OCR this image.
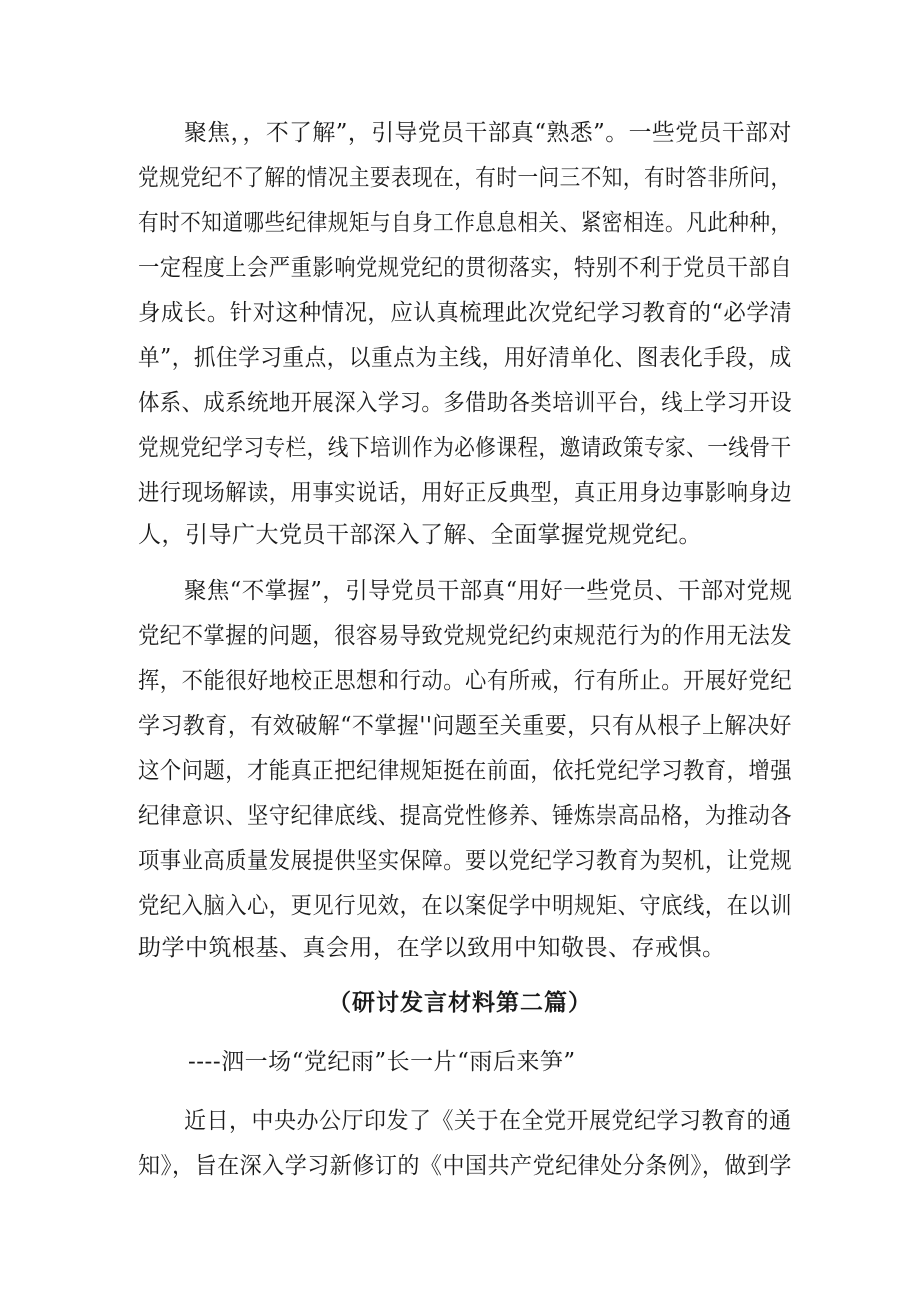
聚焦，，不了解”，引导党员干部真“熟悉”。一些党员干部对
党规党纪不了解的情况主要表现在，有时一问三不知，有时答非所问，
有时不知道哪些纪律规矩与自身工作息息相关、紧密相连。凡此种种，
一定程度上会严重影响党规党纪的贯彻落实，特别不利于党员干部自
身成长。针对这种情况，应认真梳理此次党纪学习教育的“必学清
单”，抓住学习重点，以重点为主线，用好清单化、图表化手段，成
体系、成系统地开展深入学习。多借助各类培训平台，线上学习开设
党规党纪学习专栏，线下培训作为必修课程，邀请政策专家、一线骨干
进行现场解读，用事实说话，用好正反典型，真正用身边事影响身边
人，引导广大党员干部深入了解、全面掌握党规党纪。
聚焦“不掌握”，引导党员干部真“用好一些党员、干部对党规
党纪不掌握的问题，很容易导致党规党纪约束规范行为的作用无法发
挥，不能很好地校正思想和行动。心有所戒，行有所止。开展好党纪
学习教育，有效破解“不掌握''问题至关重要，只有从根子上解决好
这个问题，才能真正把纪律规矩挺在前面，依托党纪学习教育，增强
纪律意识、坚守纪律底线、提高党性修养、锤炼崇高品格，为推动各
项事业高质量发展提供坚实保障。要以党纪学习教育为契机，让党规
党纪入脑入心，更见行见效，在以案促学中明规矩、守底线，在以训
助学中筑根基、真会用，在学以致用中知敬畏、存戒惧。
（研讨发言材料第二篇）
----泗一场“党纪雨”长一片“雨后来笋”
近日，中央办公厅印发了《关于在全党开展党纪学习教育的通
知》，旨在深入学习新修订的《中国共产党纪律处分条例》，做到学
